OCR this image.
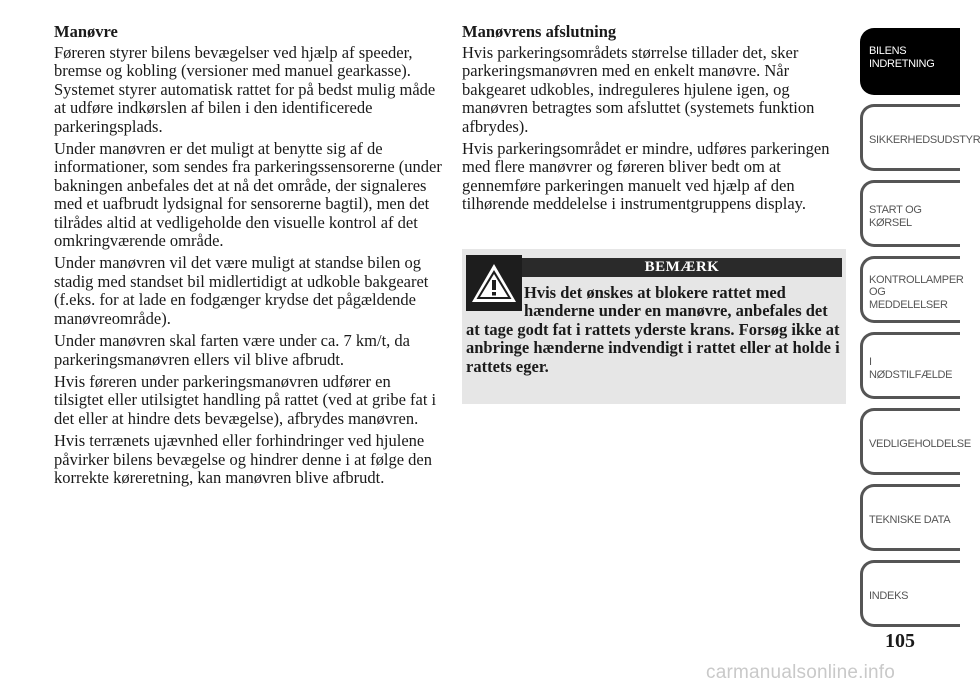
Manøvre

Føreren styrer bilens bevægelser ved hjælp af speeder, bremse og kobling (versioner med manuel gearkasse). Systemet styrer automatisk rattet for på bedst mulig måde at udføre indkørslen af bilen i den identificerede parkeringsplads.

Under manøvren er det muligt at benytte sig af de informationer, som sendes fra parkeringssensorerne (under bakningen anbefales det at nå det område, der signaleres med et uafbrudt lydsignal for sensorerne bagtil), men det tilrådes altid at vedligeholde den visuelle kontrol af det omkringværende område.

Under manøvren vil det være muligt at standse bilen og stadig med standset bil midlertidigt at udkoble bakgearet (f.eks. for at lade en fodgænger krydse det pågældende manøvreområde).

Under manøvren skal farten være under ca. 7 km/t, da parkeringsmanøvren ellers vil blive afbrudt.

Hvis føreren under parkeringsmanøvren udfører en tilsigtet eller utilsigtet handling på rattet (ved at gribe fat i det eller at hindre dets bevægelse), afbrydes manøvren.

Hvis terrænets ujævnhed eller forhindringer ved hjulene påvirker bilens bevægelse og hindrer denne i at følge den korrekte køreretning, kan manøvren blive afbrudt.

Manøvrens afslutning

Hvis parkeringsområdets størrelse tillader det, sker parkeringsmanøvren med en enkelt manøvre. Når bakgearet udkobles, indreguleres hjulene igen, og manøvren betragtes som afsluttet (systemets funktion afbrydes).

Hvis parkeringsområdet er mindre, udføres parkeringen med flere manøvrer og føreren bliver bedt om at gennemføre parkeringen manuelt ved hjælp af den tilhørende meddelelse i instrumentgruppens display.

BEMÆRK
Hvis det ønskes at blokere rattet med hænderne under en manøvre, anbefales det at tage godt fat i rattets yderste krans. Forsøg ikke at anbringe hænderne indvendigt i rattet eller at holde i rattets eger.
BILENS INDRETNING
SIKKERHEDSUDSTYR
START OG KØRSEL
KONTROLLAMPER OG MEDDELELSER
I NØDSTILFÆLDE
VEDLIGEHOLDELSE
TEKNISKE DATA
INDEKS
105
carmanualsonline.info
